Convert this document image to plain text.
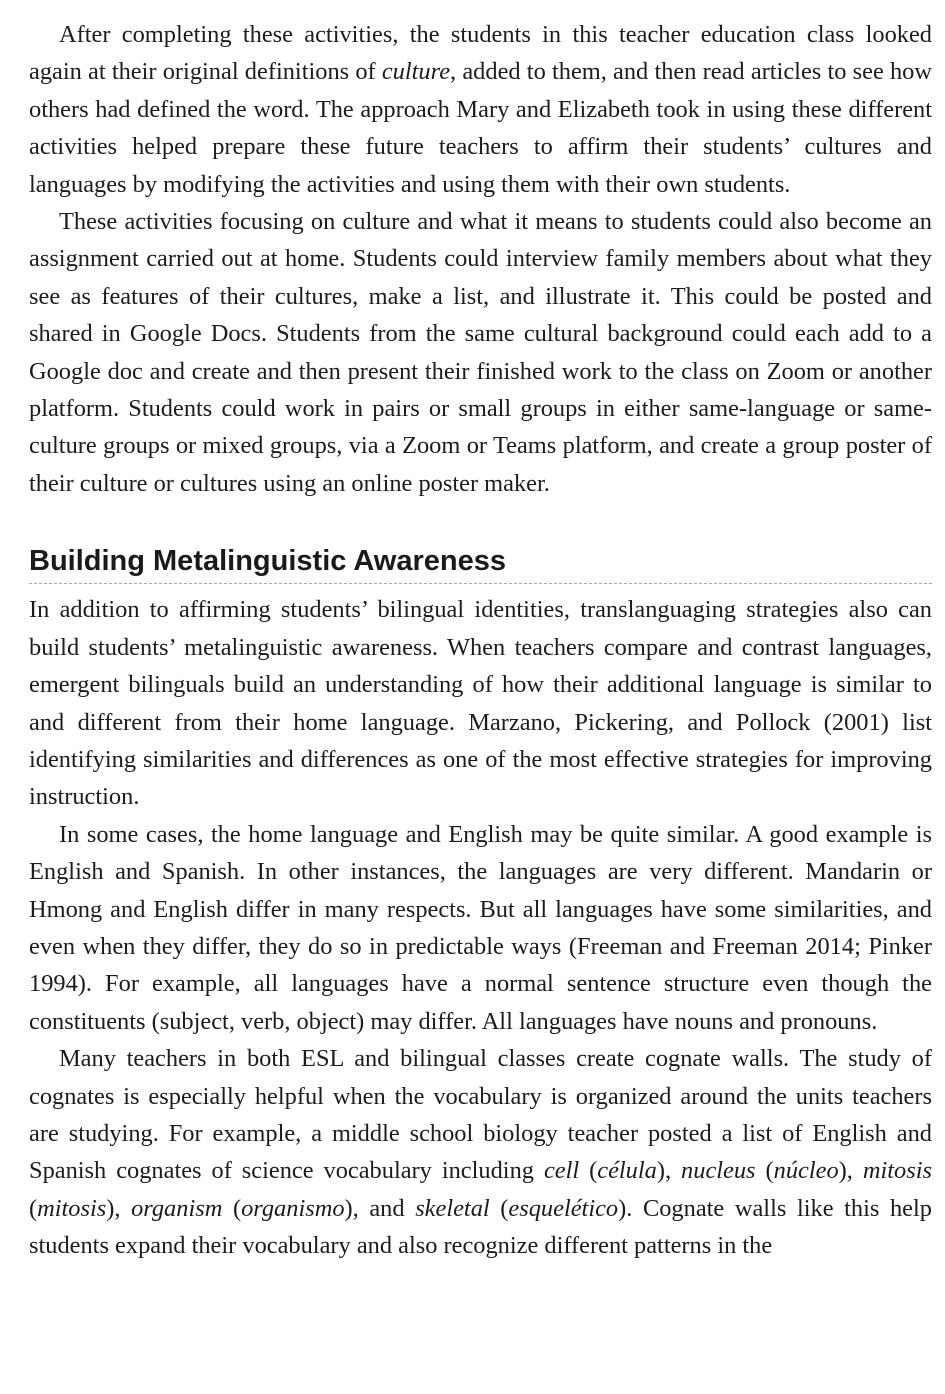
After completing these activities, the students in this teacher education class looked again at their original definitions of culture, added to them, and then read articles to see how others had defined the word. The approach Mary and Elizabeth took in using these different activities helped prepare these future teachers to affirm their students’ cultures and languages by modifying the activities and using them with their own students.

These activities focusing on culture and what it means to students could also become an assignment carried out at home. Students could interview family members about what they see as features of their cultures, make a list, and illustrate it. This could be posted and shared in Google Docs. Students from the same cultural background could each add to a Google doc and create and then present their finished work to the class on Zoom or another platform. Students could work in pairs or small groups in either same-language or same-culture groups or mixed groups, via a Zoom or Teams platform, and create a group poster of their culture or cultures using an online poster maker.

Building Metalinguistic Awareness

In addition to affirming students’ bilingual identities, translanguaging strategies also can build students’ metalinguistic awareness. When teachers compare and contrast languages, emergent bilinguals build an understanding of how their additional language is similar to and different from their home language. Marzano, Pickering, and Pollock (2001) list identifying similarities and differences as one of the most effective strategies for improving instruction.

In some cases, the home language and English may be quite similar. A good example is English and Spanish. In other instances, the languages are very different. Mandarin or Hmong and English differ in many respects. But all languages have some similarities, and even when they differ, they do so in predictable ways (Freeman and Freeman 2014; Pinker 1994). For example, all languages have a normal sentence structure even though the constituents (subject, verb, object) may differ. All languages have nouns and pronouns.

Many teachers in both ESL and bilingual classes create cognate walls. The study of cognates is especially helpful when the vocabulary is organized around the units teachers are studying. For example, a middle school biology teacher posted a list of English and Spanish cognates of science vocabulary including cell (célula), nucleus (núcleo), mitosis (mitosis), organism (organismo), and skeletal (esquelético). Cognate walls like this help students expand their vocabulary and also recognize different patterns in the
